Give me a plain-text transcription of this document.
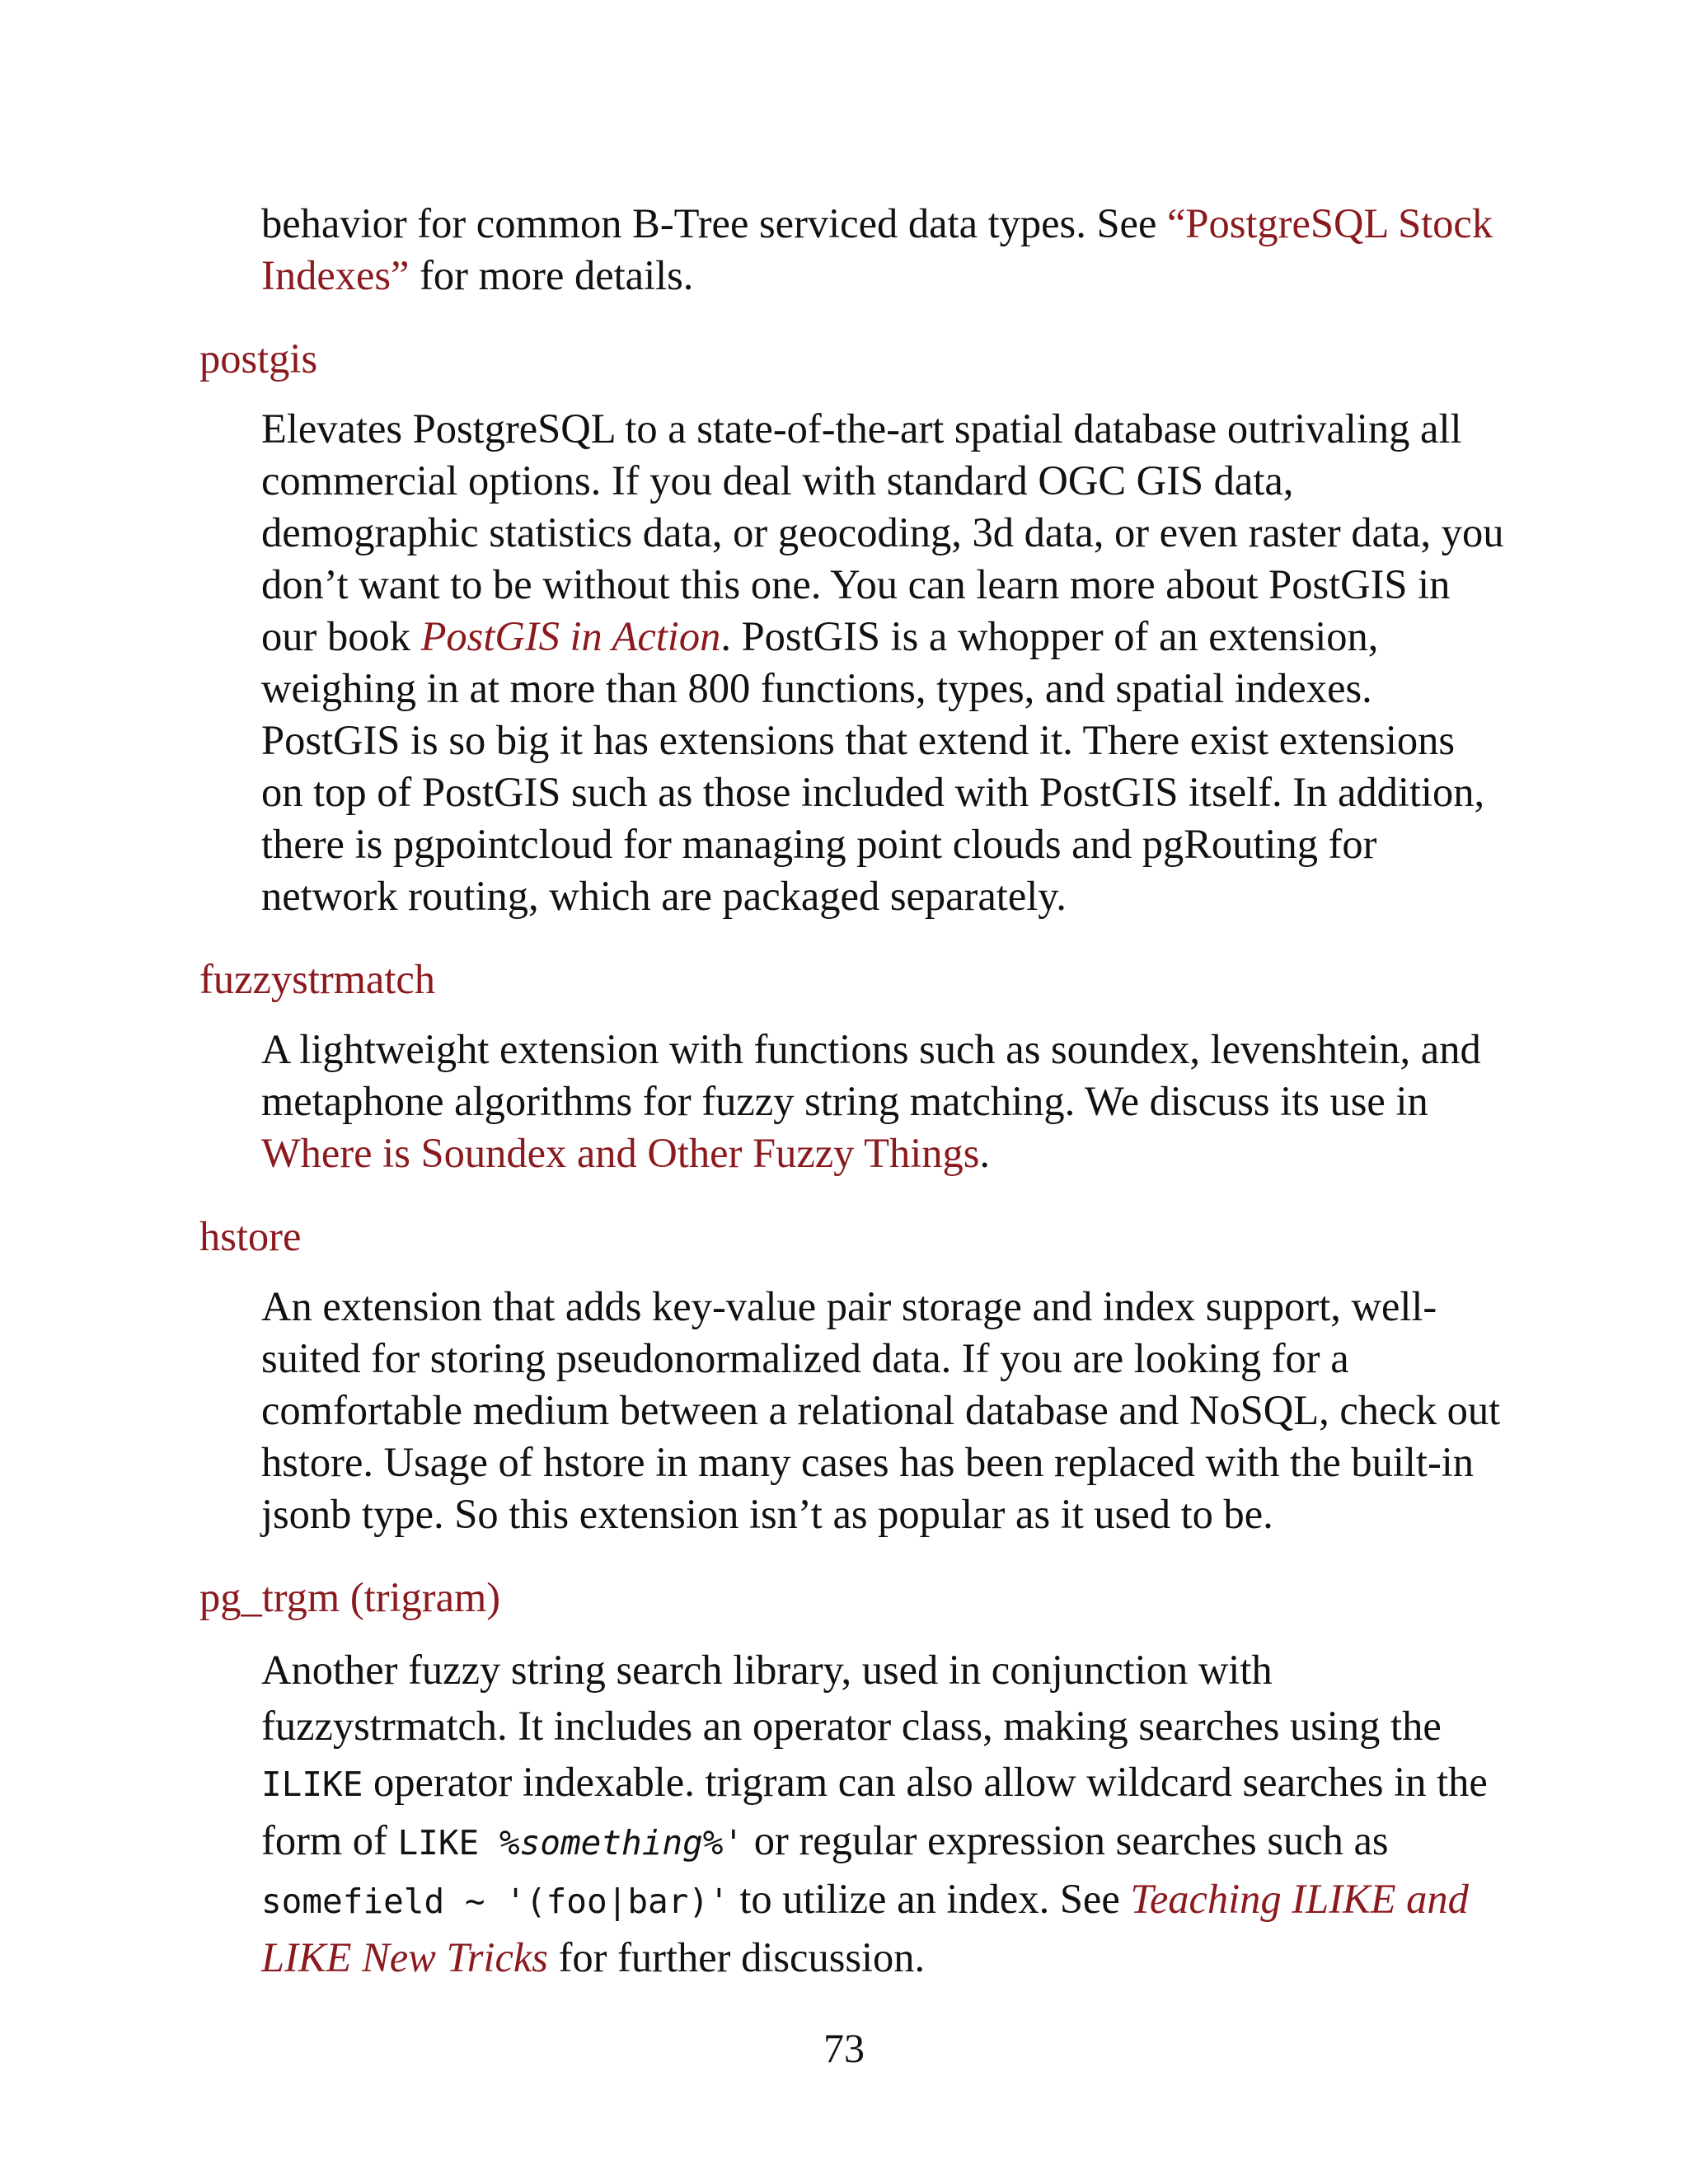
behavior for common B-Tree serviced data types. See “PostgreSQL Stock Indexes” for more details.

postgis

Elevates PostgreSQL to a state-of-the-art spatial database outrivaling all commercial options. If you deal with standard OGC GIS data, demographic statistics data, or geocoding, 3d data, or even raster data, you don’t want to be without this one. You can learn more about PostGIS in our book PostGIS in Action. PostGIS is a whopper of an extension, weighing in at more than 800 functions, types, and spatial indexes. PostGIS is so big it has extensions that extend it. There exist extensions on top of PostGIS such as those included with PostGIS itself. In addition, there is pgpointcloud for managing point clouds and pgRouting for network routing, which are packaged separately.

fuzzystrmatch

A lightweight extension with functions such as soundex, levenshtein, and metaphone algorithms for fuzzy string matching. We discuss its use in Where is Soundex and Other Fuzzy Things.

hstore

An extension that adds key-value pair storage and index support, well-suited for storing pseudonormalized data. If you are looking for a comfortable medium between a relational database and NoSQL, check out hstore. Usage of hstore in many cases has been replaced with the built-in jsonb type. So this extension isn’t as popular as it used to be.

pg_trgm (trigram)

Another fuzzy string search library, used in conjunction with fuzzystrmatch. It includes an operator class, making searches using the ILIKE operator indexable. trigram can also allow wildcard searches in the form of LIKE %something%' or regular expression searches such as somefield ~ '(foo|bar)' to utilize an index. See Teaching ILIKE and LIKE New Tricks for further discussion.

73
